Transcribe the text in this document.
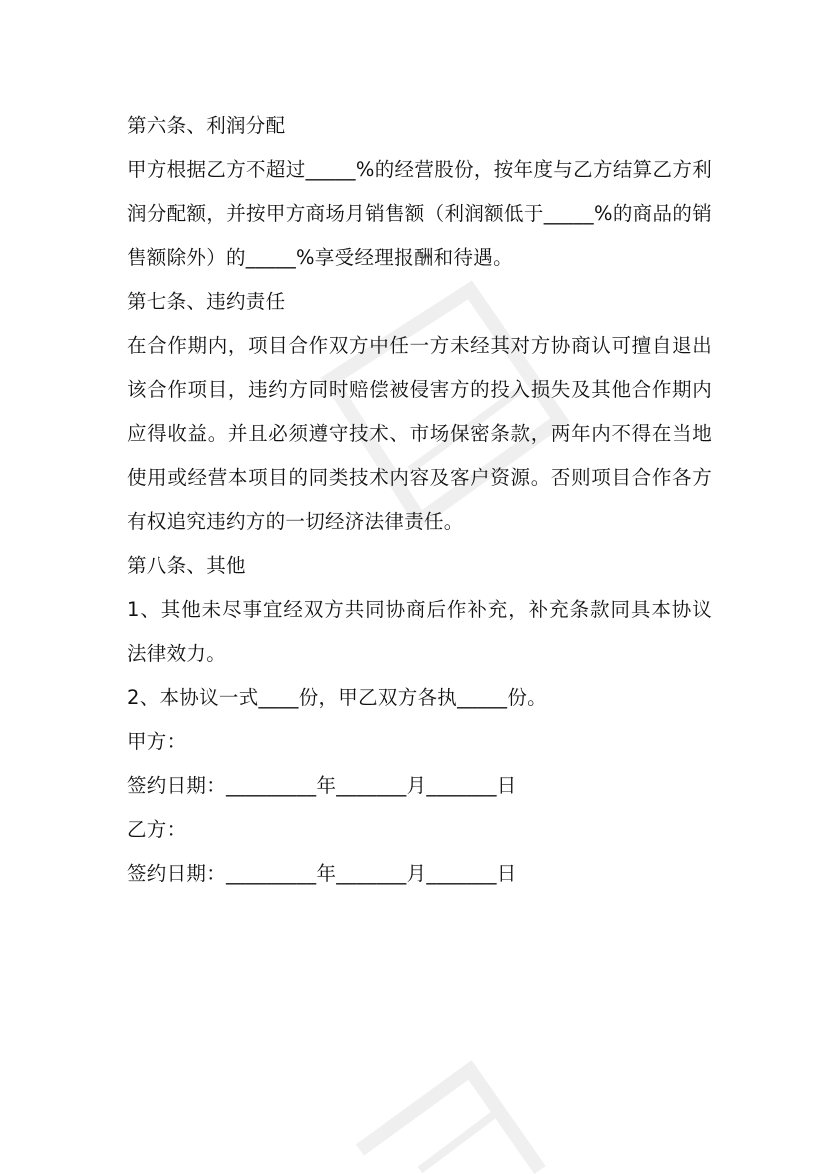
第六条、利润分配

甲方根据乙方不超过_____%的经营股份，按年度与乙方结算乙方利润分配额，并按甲方商场月销售额（利润额低于_____%的商品的销售额除外）的_____%享受经理报酬和待遇。

第七条、违约责任

在合作期内，项目合作双方中任一方未经其对方协商认可擅自退出该合作项目，违约方同时赔偿被侵害方的投入损失及其他合作期内应得收益。并且必须遵守技术、市场保密条款，两年内不得在当地使用或经营本项目的同类技术内容及客户资源。否则项目合作各方有权追究违约方的一切经济法律责任。

第八条、其他

1、其他未尽事宜经双方共同协商后作补充，补充条款同具本协议法律效力。

2、本协议一式____份，甲乙双方各执_____份。

甲方：

签约日期：_________年_______月_______日

乙方：

签约日期：_________年_______月_______日
